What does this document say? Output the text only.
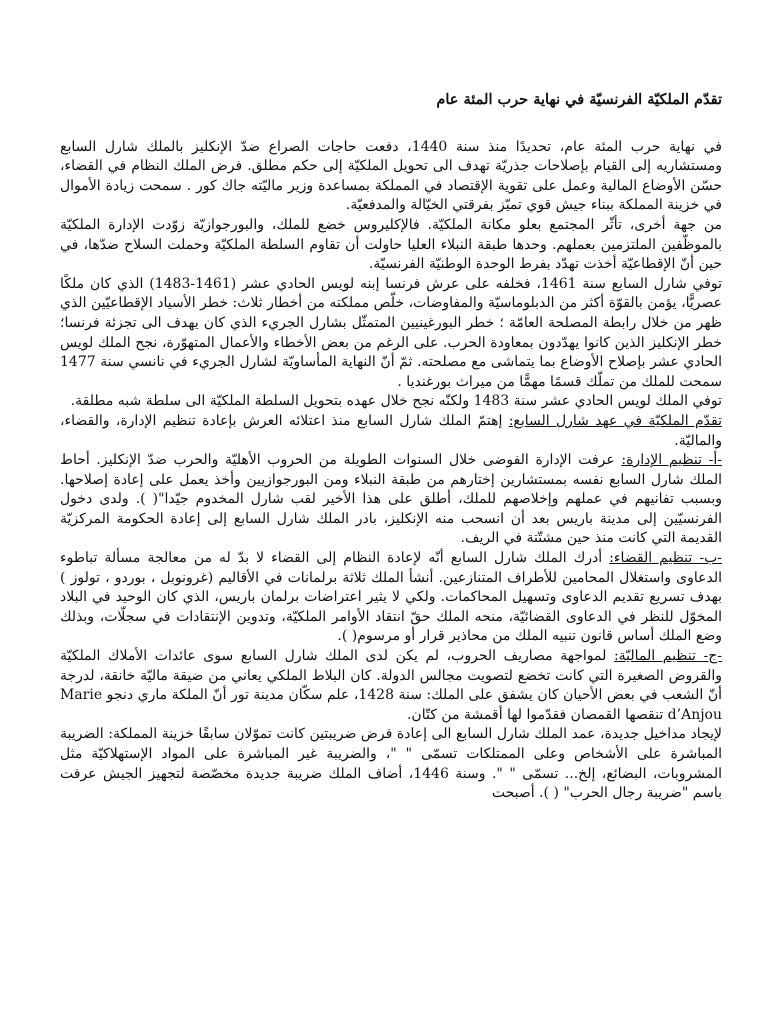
تقدّم الملكيّة الفرنسيّة في نهاية حرب المئة عام
في نهاية حرب المئة عام، تحديدًا منذ سنة 1440، دفعت حاجات الصراع ضدّ الإنكليز بالملك شارل السابع ومستشاريه إلى القيام بإصلاحات جذريّة تهدف الى تحويل الملكيّة إلى حكم مطلق. فرض الملك النظام في القضاء، حسّن الأوضاع المالية وعمل على تقوية الإقتصاد في المملكة بمساعدة وزير ماليّته جاك كور . سمحت زيادة الأموال في خزينة المملكة ببناء جيش قوي تميّز بفرقتي الخيّالة والمدفعيّة.
من جهة أخرى، تأثّر المجتمع بعلو مكانة الملكيّة. فالإكليروس خضع للملك، والبورجوازيّة زوّدت الإدارة الملكيّة بالموظّفين الملتزمين بعملهم. وحدها طبقة النبلاء العليا حاولت أن تقاوم السلطة الملكيّة وحملت السلاح ضدّها، في حين أنّ الإقطاعيّة أخذت تهدّد بفرط الوحدة الوطنيّة الفرنسيّة.
توفي شارل السابع سنة 1461، فخلفه على عرش فرنسا إبنه لويس الحادي عشر (1461-1483) الذي كان ملكًا عصريًّا، يؤمن بالقوّة أكثر من الدبلوماسيّة والمفاوضات، خلّص مملكته من أخطار ثلاث: خطر الأسياد الإقطاعيّين الذي ظهر من خلال رابطة المصلحة العامّة ؛ خطر البورغينيين المتمثّل بشارل الجريء الذي كان يهدف الى تجزئة فرنسا؛ خطر الإنكليز الذين كانوا يهدّدون بمعاودة الحرب. على الرغم من بعض الأخطاء والأعمال المتهوّرة، نجح الملك لويس الحادي عشر بإصلاح الأوضاع بما يتماشى مع مصلحته. ثمّ أنّ النهاية المأساويّة لشارل الجريء في نانسي سنة 1477 سمحت للملك من تملّك قسمًا مهمًّا من ميراث بورغنديا .
توفي الملك لويس الحادي عشر سنة 1483 ولكنّه نجح خلال عهده بتحويل السلطة الملكيّة الى سلطة شبه مطلقة.
تقدّم الملكيّة في عهد شارل السابع: إهتمّ الملك شارل السابع منذ اعتلائه العرش بإعادة تنظيم الإدارة، والقضاء، والماليّة.
-أ- تنظيم الإدارة: عرفت الإدارة الفوضى خلال السنوات الطويلة من الحروب الأهليّة والحرب ضدّ الإنكليز. أحاط الملك شارل السابع نفسه بمستشارين إختارهم من طبقة النبلاء ومن البورجوازيين وأخذ يعمل على إعادة إصلاحها. وبسبب تفانيهم في عملهم وإخلاصهم للملك، أطلق على هذا الأخير لقب شارل المخدوم جيّدا"( ). ولدى دخول الفرنسيّين إلى مدينة باريس بعد أن انسحب منه الإنكليز، بادر الملك شارل السابع إلى إعادة الحكومة المركزيّة القديمة التي كانت منذ حين مشتّتة في الريف.
-ب- تنظيم القضاء: أدرك الملك شارل السابع أنّه لإعادة النظام إلى القضاء لا بدّ له من معالجة مسألة تباطوء الدعاوى واستغلال المحامين للأطراف المتنازعين. أنشأ الملك ثلاثة برلمانات في الأقاليم (غرونوبل ، بوردو ، تولوز ) بهدف تسريع تقديم الدعاوى وتسهيل المحاكمات. ولكي لا يثير اعتراضات برلمان باريس، الذي كان الوحيد في البلاد المخوّل للنظر في الدعاوى القضائيّة، منحه الملك حقّ انتقاد الأوامر الملكيّة، وتدوين الإنتقادات في سجلّات، وبذلك وضع الملك أساس قانون تنبيه الملك من محاذير قرار أو مرسوم( ).
-ج- تنظيم الماليّة: لمواجهة مصاريف الحروب، لم يكن لدى الملك شارل السابع سوى عائدات الأملاك الملكيّة والقروض الصغيرة التي كانت تخضع لتصويت مجالس الدولة. كان البلاط الملكي يعاني من ضيقة ماليّة خانقة، لدرجة أنّ الشعب في بعض الأحيان كان يشفق على الملك: سنة 1428، علم سكّان مدينة تور أنّ الملكة ماري دنجو Marie d’Anjou تنقصها القمصان فقدّموا لها أقمشة من كتّان.
لإيجاد مداخيل جديدة، عمد الملك شارل السابع الى إعادة فرض ضريبتين كانت تموّلان سابقًا خزينة المملكة: الضريبة المباشرة على الأشخاص وعلى الممتلكات تسمّى " "، والضريبة غير المباشرة على المواد الإستهلاكيّة مثل المشروبات، البضائع، إلخ... تسمّى " ". وسنة 1446، أضاف الملك ضريبة جديدة مخصّصة لتجهيز الجيش عرفت باسم "ضريبة رجال الحرب" ( ). أصبحت
